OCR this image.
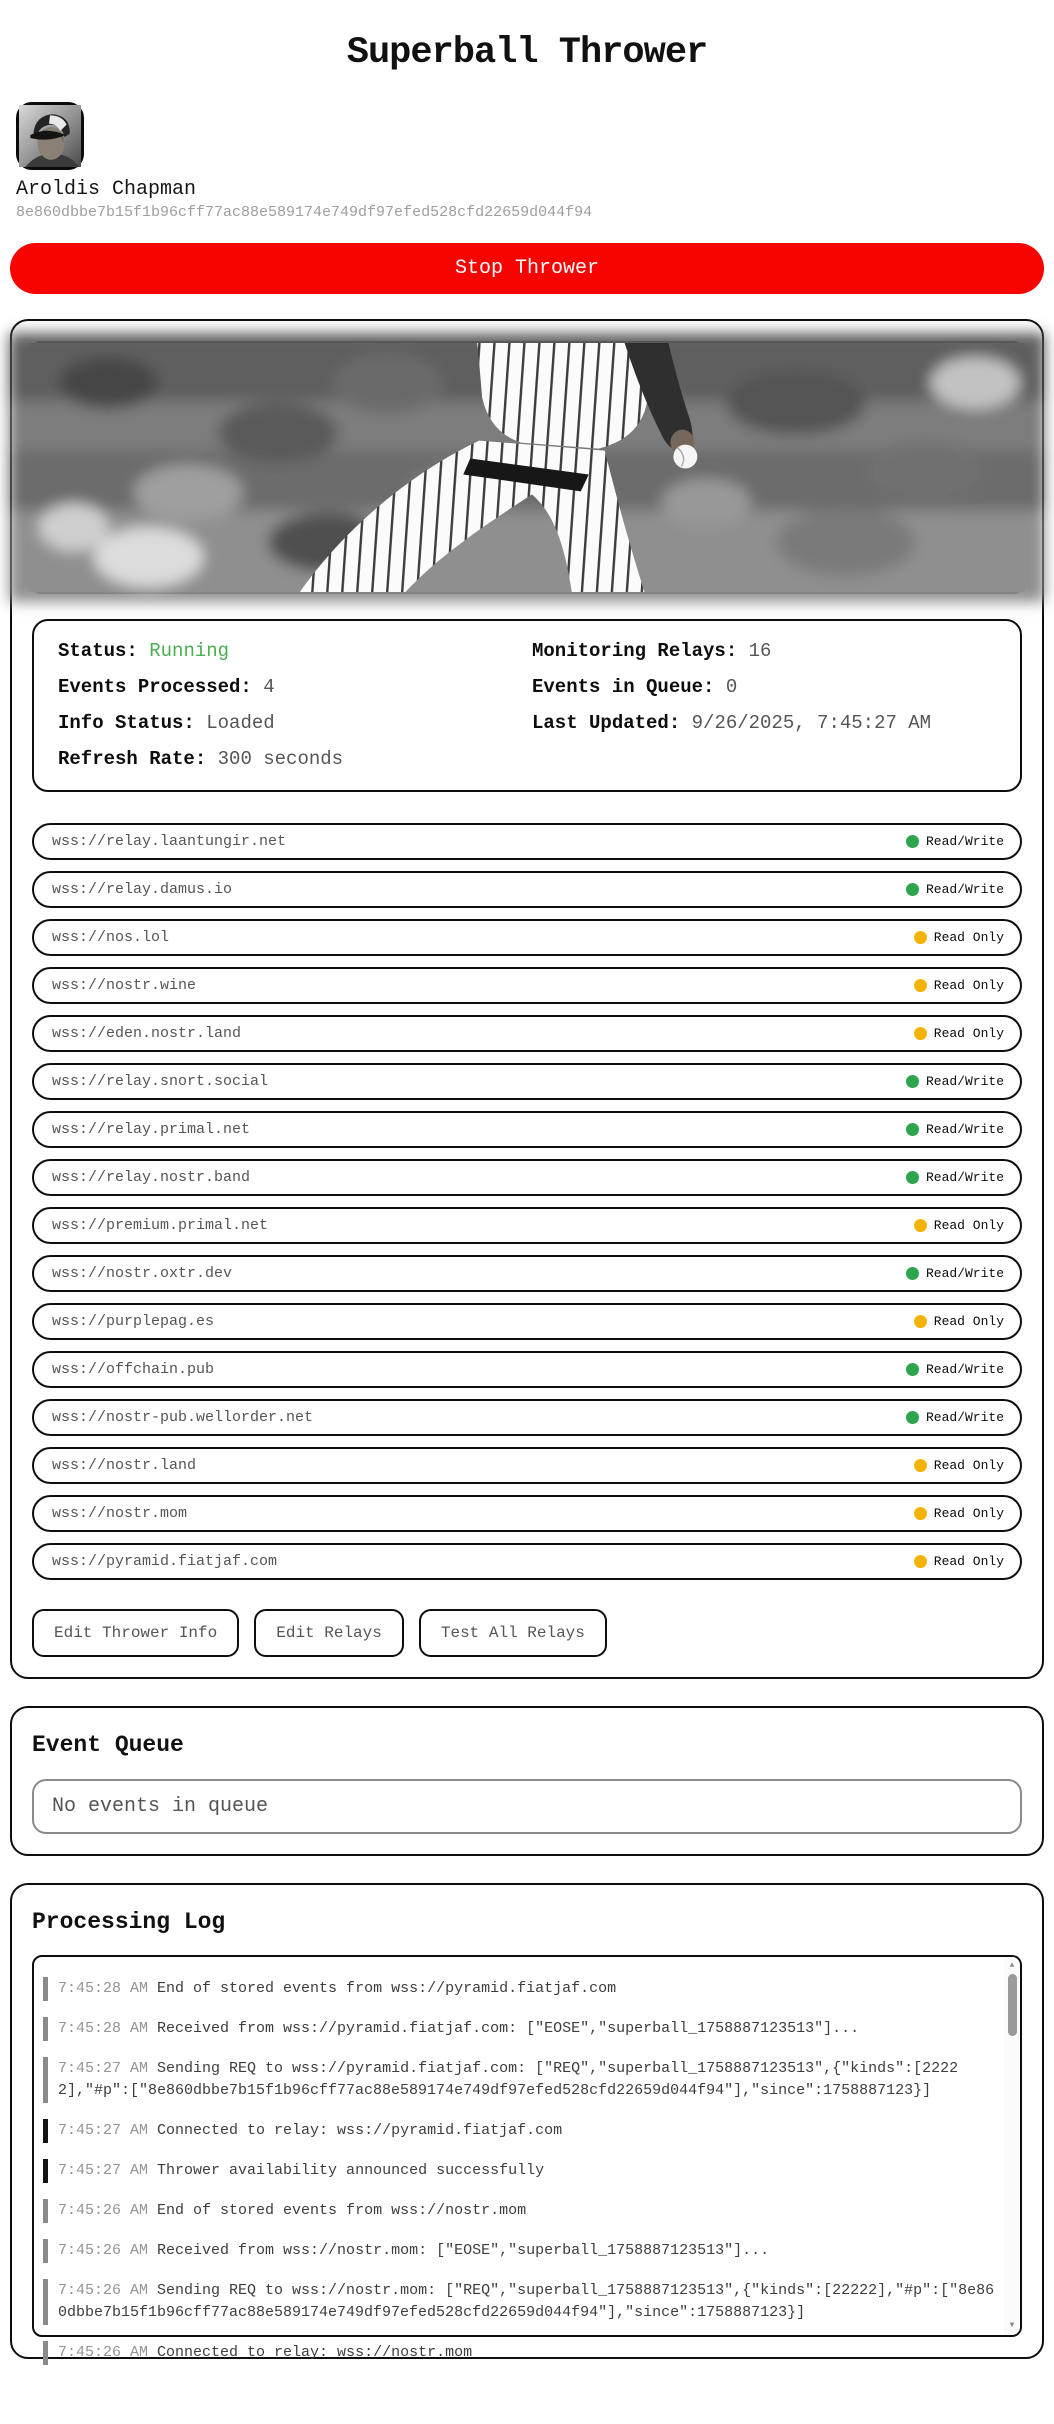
Superball Thrower
Aroldis Chapman
8e860dbbe7b15f1b96cff77ac88e589174e749df97efed528cfd22659d044f94
Stop Thrower
Status: Running	Monitoring Relays: 16
Events Processed: 4	Events in Queue: 0
Info Status: Loaded	Last Updated: 9/26/2025, 7:45:27 AM
Refresh Rate: 300 seconds
wss://relay.laantungir.net	Read/Write
wss://relay.damus.io	Read/Write
wss://nos.lol	Read Only
wss://nostr.wine	Read Only
wss://eden.nostr.land	Read Only
wss://relay.snort.social	Read/Write
wss://relay.primal.net	Read/Write
wss://relay.nostr.band	Read/Write
wss://premium.primal.net	Read Only
wss://nostr.oxtr.dev	Read/Write
wss://purplepag.es	Read Only
wss://offchain.pub	Read/Write
wss://nostr-pub.wellorder.net	Read/Write
wss://nostr.land	Read Only
wss://nostr.mom	Read Only
wss://pyramid.fiatjaf.com	Read Only
Edit Thrower Info	Edit Relays	Test All Relays
Event Queue
No events in queue
Processing Log
7:45:28 AM End of stored events from wss://pyramid.fiatjaf.com
7:45:28 AM Received from wss://pyramid.fiatjaf.com: ["EOSE","superball_1758887123513"]...
7:45:27 AM Sending REQ to wss://pyramid.fiatjaf.com: ["REQ","superball_1758887123513",{"kinds":[22222],"#p":["8e860dbbe7b15f1b96cff77ac88e589174e749df97efed528cfd22659d044f94"],"since":1758887123}]
7:45:27 AM Connected to relay: wss://pyramid.fiatjaf.com
7:45:27 AM Thrower availability announced successfully
7:45:26 AM End of stored events from wss://nostr.mom
7:45:26 AM Received from wss://nostr.mom: ["EOSE","superball_1758887123513"]...
7:45:26 AM Sending REQ to wss://nostr.mom: ["REQ","superball_1758887123513",{"kinds":[22222],"#p":["8e860dbbe7b15f1b96cff77ac88e589174e749df97efed528cfd22659d044f94"],"since":1758887123}]
7:45:26 AM Connected to relay: wss://nostr.mom
▲
▼
